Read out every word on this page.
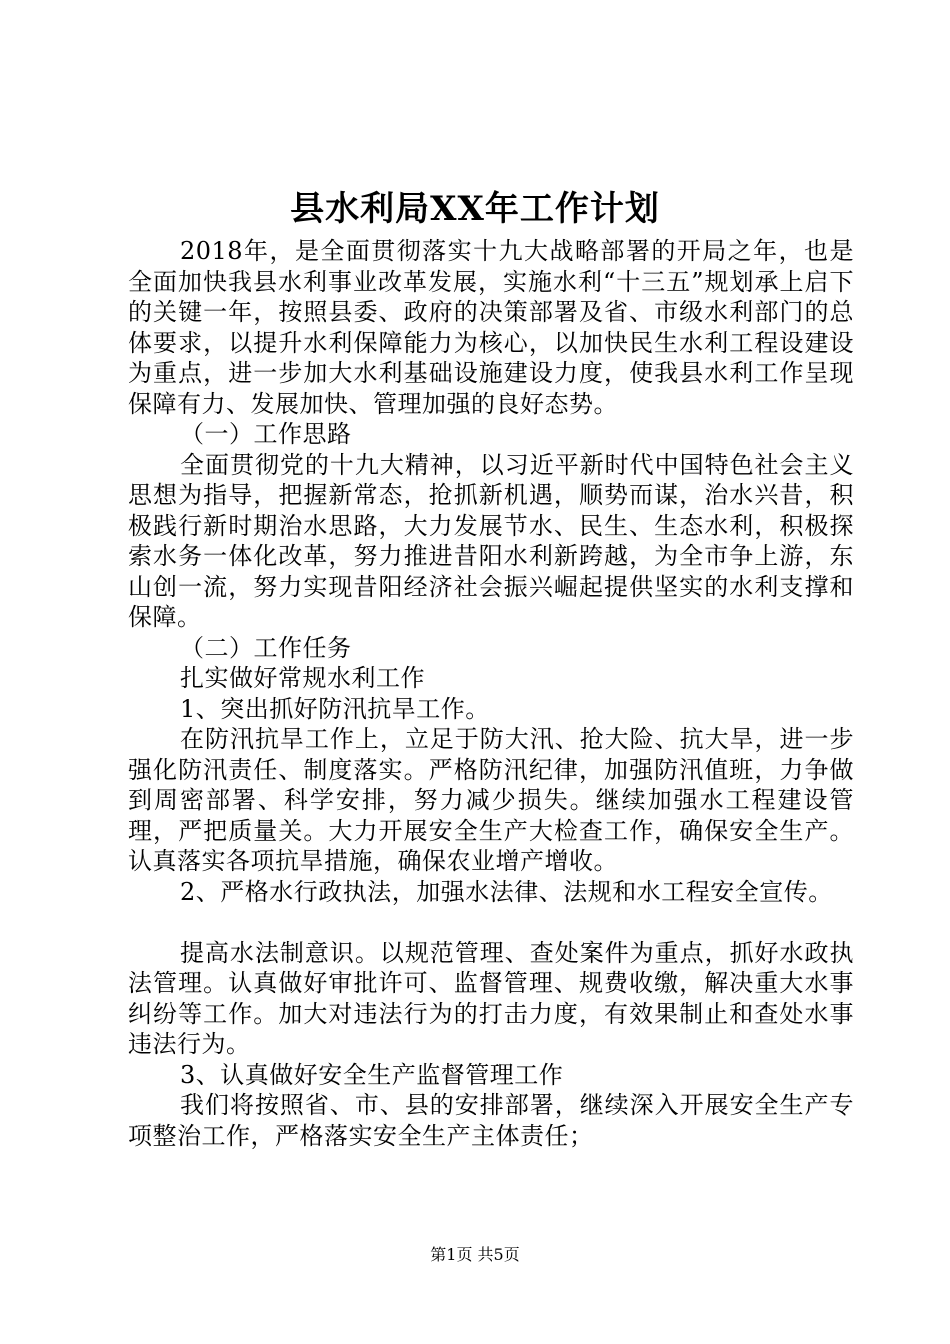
县水利局XX年工作计划

2018年，是全面贯彻落实十九大战略部署的开局之年，也是全面加快我县水利事业改革发展，实施水利“十三五”规划承上启下的关键一年，按照县委、政府的决策部署及省、市级水利部门的总体要求，以提升水利保障能力为核心，以加快民生水利工程设建设为重点，进一步加大水利基础设施建设力度，使我县水利工作呈现保障有力、发展加快、管理加强的良好态势。

（一）工作思路

全面贯彻党的十九大精神，以习近平新时代中国特色社会主义思想为指导，把握新常态，抢抓新机遇，顺势而谋，治水兴昔，积极践行新时期治水思路，大力发展节水、民生、生态水利，积极探索水务一体化改革，努力推进昔阳水利新跨越，为全市争上游，东山创一流，努力实现昔阳经济社会振兴崛起提供坚实的水利支撑和保障。

（二）工作任务

扎实做好常规水利工作

1、突出抓好防汛抗旱工作。

在防汛抗旱工作上，立足于防大汛、抢大险、抗大旱，进一步强化防汛责任、制度落实。严格防汛纪律，加强防汛值班，力争做到周密部署、科学安排，努力减少损失。继续加强水工程建设管理，严把质量关。大力开展安全生产大检查工作，确保安全生产。认真落实各项抗旱措施，确保农业增产增收。

2、严格水行政执法，加强水法律、法规和水工程安全宣传。

提高水法制意识。以规范管理、查处案件为重点，抓好水政执法管理。认真做好审批许可、监督管理、规费收缴，解决重大水事纠纷等工作。加大对违法行为的打击力度，有效果制止和查处水事违法行为。

3、认真做好安全生产监督管理工作

我们将按照省、市、县的安排部署，继续深入开展安全生产专项整治工作，严格落实安全生产主体责任；

第1页 共5页
